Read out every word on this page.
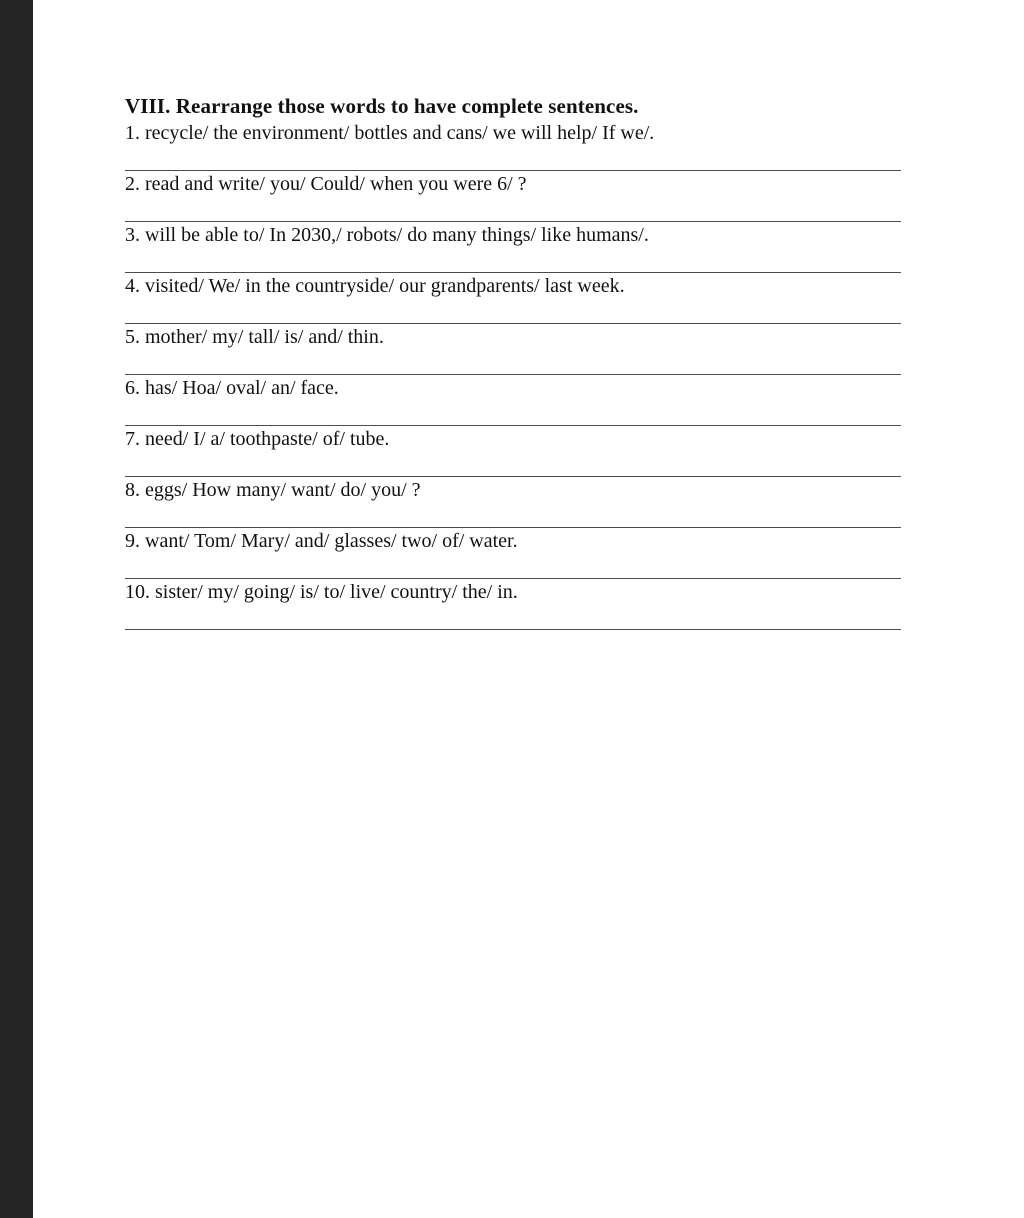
VIII. Rearrange those words to have complete sentences.
1. recycle/ the environment/ bottles and cans/ we will help/ If we/.
2. read and write/ you/ Could/ when you were 6/ ?
3. will be able to/ In 2030,/ robots/ do many things/ like humans/.
4. visited/ We/ in the countryside/ our grandparents/ last week.
5. mother/ my/ tall/ is/ and/ thin.
6. has/ Hoa/ oval/ an/ face.
7. need/ I/ a/ toothpaste/ of/ tube.
8. eggs/ How many/ want/ do/ you/ ?
9. want/ Tom/ Mary/ and/ glasses/ two/ of/ water.
10. sister/ my/ going/ is/ to/ live/ country/ the/ in.
